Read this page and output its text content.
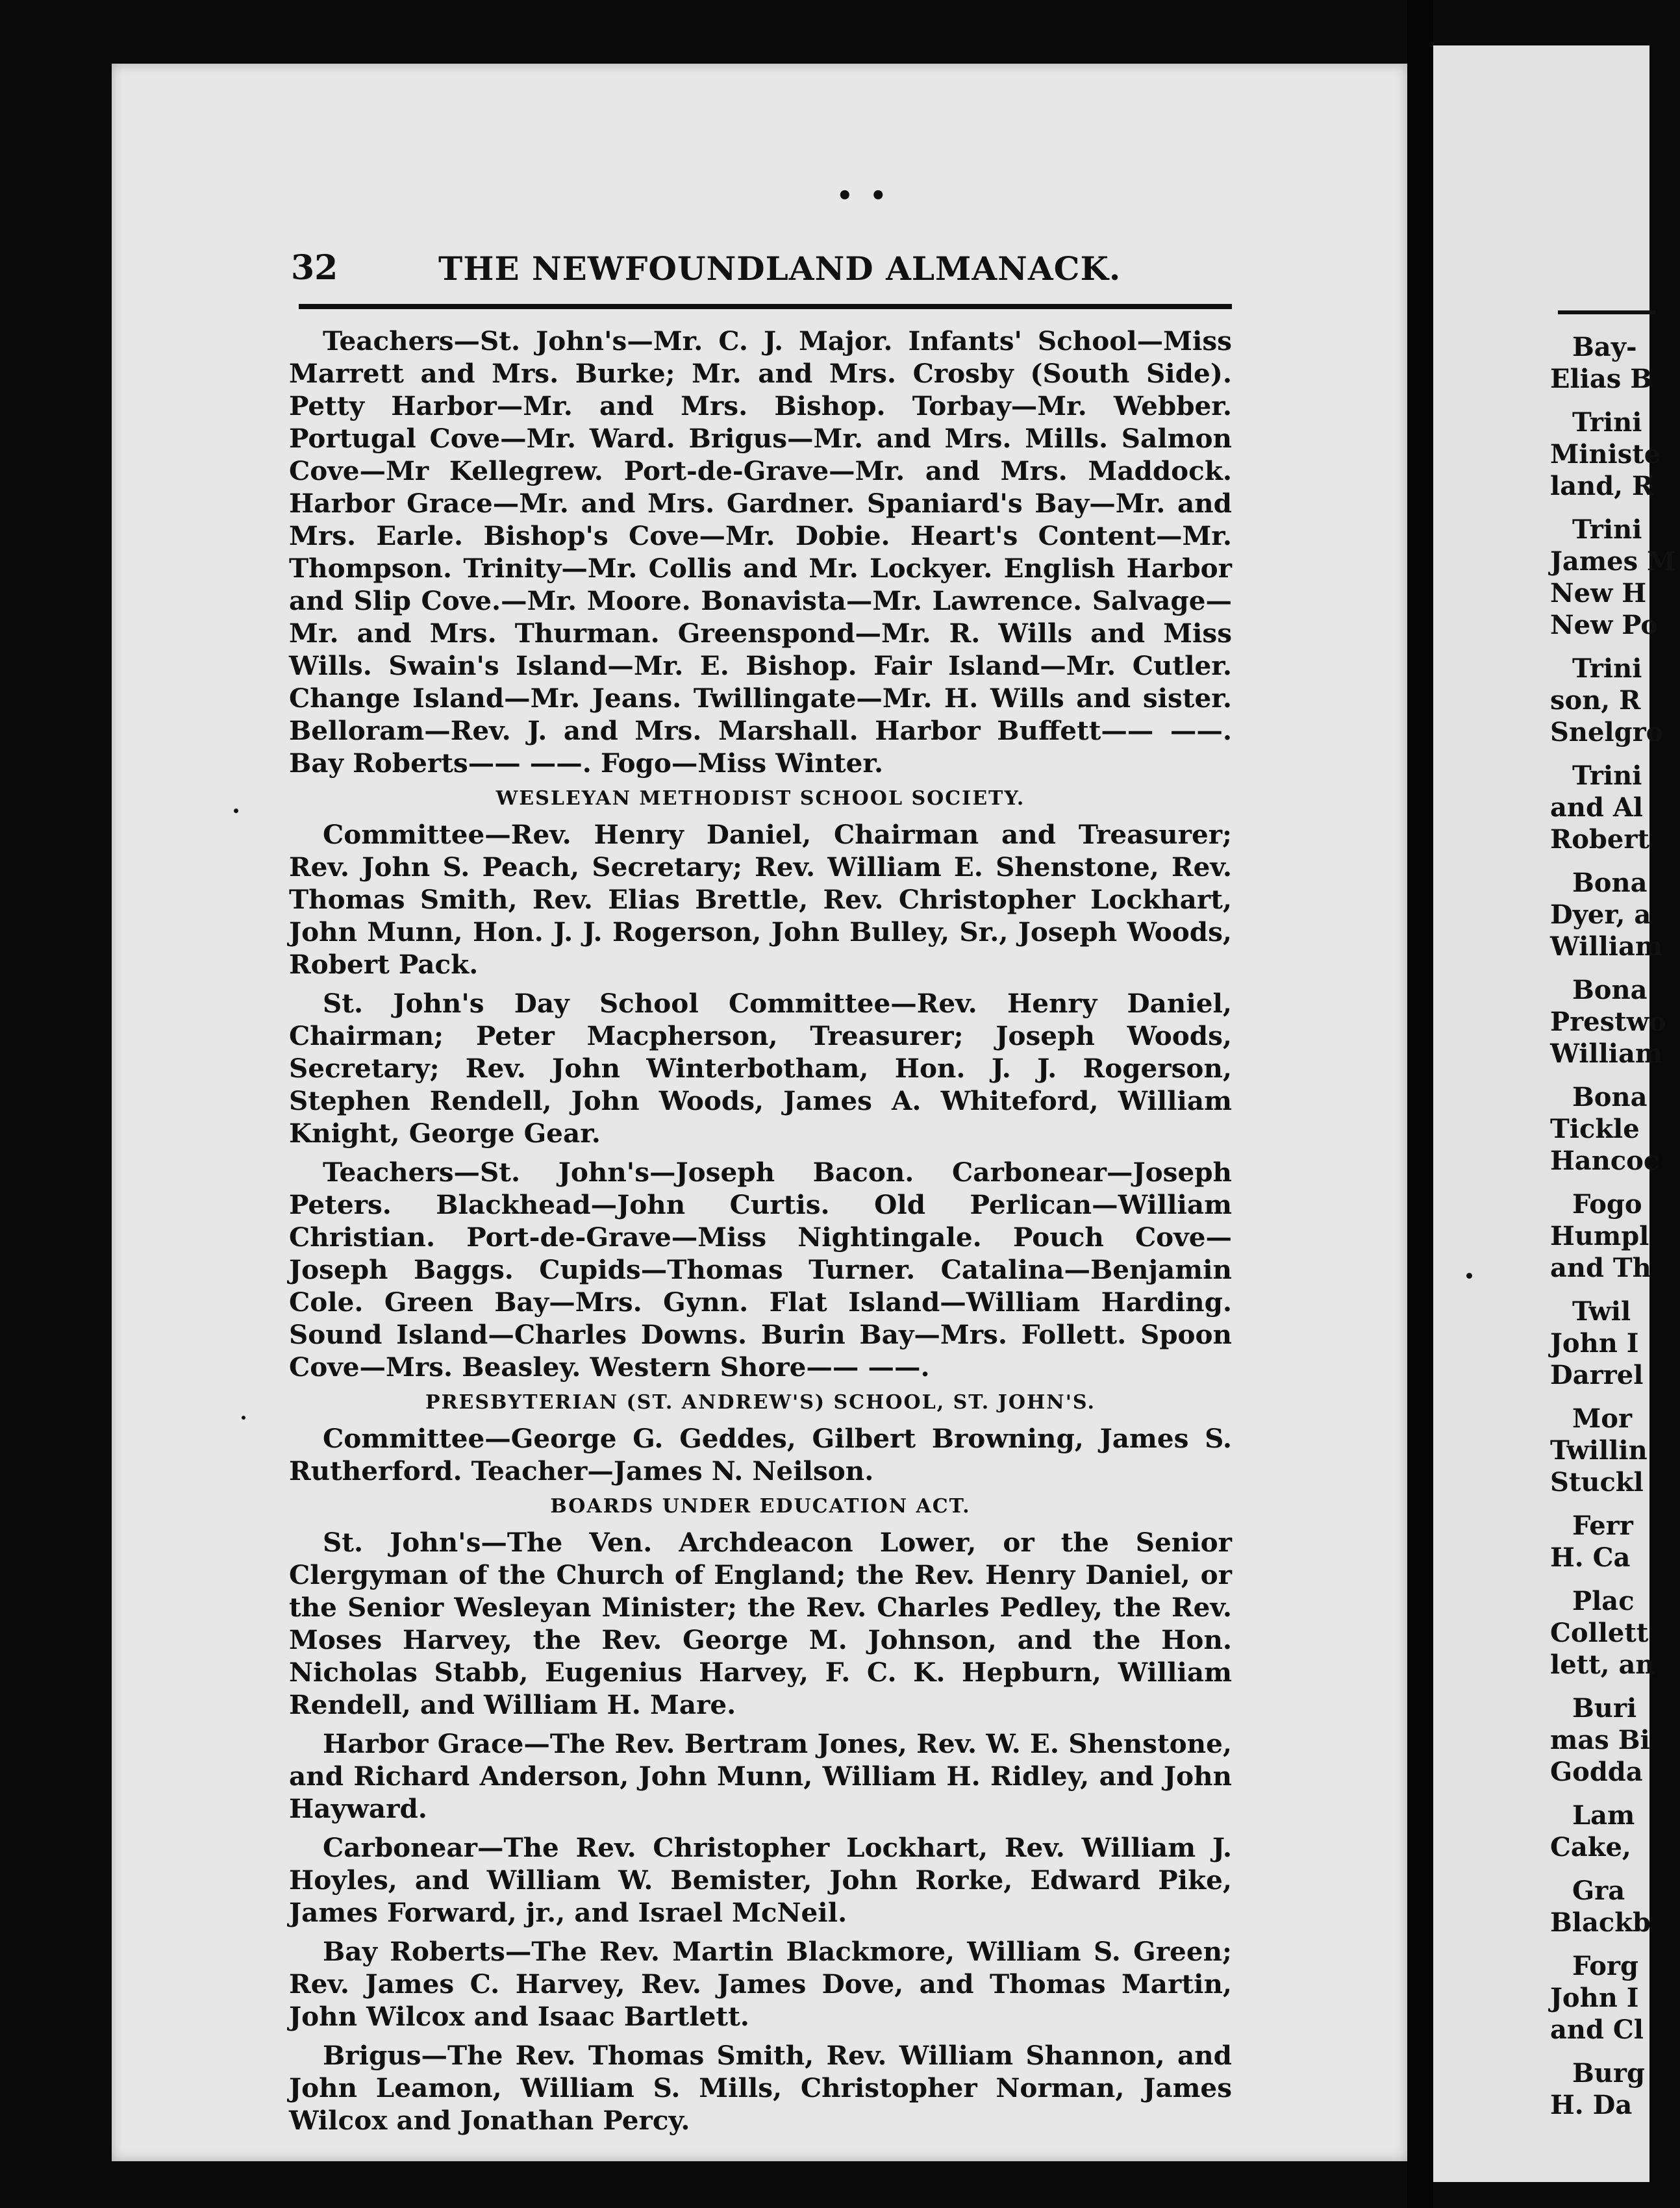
Bay-
Elias B
Trini
Ministe
land, R
Trini
James M
New H
New Po
Trini
son, R
Snelgro
Trini
and Al
Robert
Bona
Dyer, a
William
Bona
Prestwo
William
Bona
Tickle
Hancoc
Fogo
Humpl
and Th
Twil
John I
Darrel
Mor
Twillin
Stuckl
Ferr
H. Ca
Plac
Collett
lett, an
Buri
mas Bi
Godda
Lam
Cake,
Gra
Blackb
Forg
John I
and Cl
Burg
H. Da
• •
32	THE NEWFOUNDLAND ALMANACK.

Teachers—St. John's—Mr. C. J. Major. Infants' School—Miss Marrett and Mrs. Burke; Mr. and Mrs. Crosby (South Side). Petty Harbor—Mr. and Mrs. Bishop. Torbay—Mr. Webber. Portugal Cove—Mr. Ward. Brigus—Mr. and Mrs. Mills. Salmon Cove—Mr Kellegrew. Port-de-Grave—Mr. and Mrs. Maddock. Harbor Grace—Mr. and Mrs. Gardner. Spaniard's Bay—Mr. and Mrs. Earle. Bishop's Cove—Mr. Dobie. Heart's Content—Mr. Thompson. Trinity—Mr. Collis and Mr. Lockyer. English Harbor and Slip Cove.—Mr. Moore. Bonavista—Mr. Lawrence. Salvage—Mr. and Mrs. Thurman. Greenspond—Mr. R. Wills and Miss Wills. Swain's Island—Mr. E. Bishop. Fair Island—Mr. Cutler. Change Island—Mr. Jeans. Twillingate—Mr. H. Wills and sister. Belloram—Rev. J. and Mrs. Marshall. Harbor Buffett—— ——. Bay Roberts—— ——. Fogo—Miss Winter.

WESLEYAN METHODIST SCHOOL SOCIETY.

Committee—Rev. Henry Daniel, Chairman and Treasurer; Rev. John S. Peach, Secretary; Rev. William E. Shenstone, Rev. Thomas Smith, Rev. Elias Brettle, Rev. Christopher Lockhart, John Munn, Hon. J. J. Rogerson, John Bulley, Sr., Joseph Woods, Robert Pack.

St. John's Day School Committee—Rev. Henry Daniel, Chairman; Peter Macpherson, Treasurer; Joseph Woods, Secretary; Rev. John Winterbotham, Hon. J. J. Rogerson, Stephen Rendell, John Woods, James A. Whiteford, William Knight, George Gear.

Teachers—St. John's—Joseph Bacon. Carbonear—Joseph Peters. Blackhead—John Curtis. Old Perlican—William Christian. Port-de-Grave—Miss Nightingale. Pouch Cove—Joseph Baggs. Cupids—Thomas Turner. Catalina—Benjamin Cole. Green Bay—Mrs. Gynn. Flat Island—William Harding. Sound Island—Charles Downs. Burin Bay—Mrs. Follett. Spoon Cove—Mrs. Beasley. Western Shore—— ——.

PRESBYTERIAN (ST. ANDREW'S) SCHOOL, ST. JOHN'S.

Committee—George G. Geddes, Gilbert Browning, James S. Rutherford. Teacher—James N. Neilson.

BOARDS UNDER EDUCATION ACT.

St. John's—The Ven. Archdeacon Lower, or the Senior Clergyman of the Church of England; the Rev. Henry Daniel, or the Senior Wesleyan Minister; the Rev. Charles Pedley, the Rev. Moses Harvey, the Rev. George M. Johnson, and the Hon. Nicholas Stabb, Eugenius Harvey, F. C. K. Hepburn, William Rendell, and William H. Mare.

Harbor Grace—The Rev. Bertram Jones, Rev. W. E. Shenstone, and Richard Anderson, John Munn, William H. Ridley, and John Hayward.

Carbonear—The Rev. Christopher Lockhart, Rev. William J. Hoyles, and William W. Bemister, John Rorke, Edward Pike, James Forward, jr., and Israel McNeil.

Bay Roberts—The Rev. Martin Blackmore, William S. Green; Rev. James C. Harvey, Rev. James Dove, and Thomas Martin, John Wilcox and Isaac Bartlett.

Brigus—The Rev. Thomas Smith, Rev. William Shannon, and John Leamon, William S. Mills, Christopher Norman, James Wilcox and Jonathan Percy.
